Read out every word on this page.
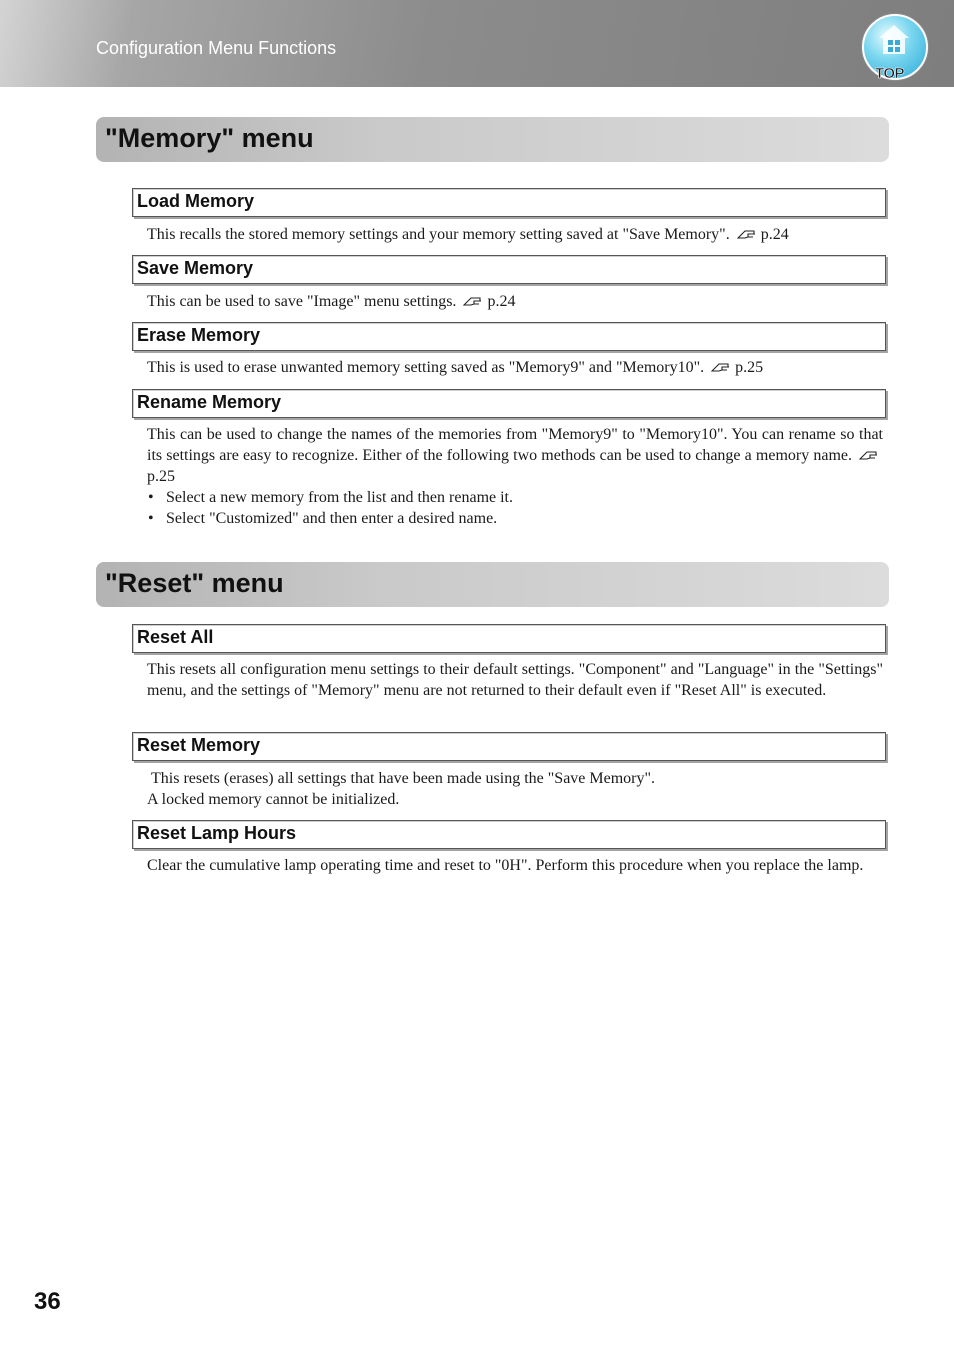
Configuration Menu Functions
TOP
"Memory" menu
Load Memory
This recalls the stored memory settings and your memory setting saved at "Save Memory". p.24
Save Memory
This can be used to save "Image" menu settings. p.24
Erase Memory
This is used to erase unwanted memory setting saved as "Memory9" and "Memory10". p.25
Rename Memory
This can be used to change the names of the memories from "Memory9" to "Memory10". You can rename so that its settings are easy to recognize. Either of the following two methods can be used to change a memory name.p.25
• Select a new memory from the list and then rename it.
• Select "Customized" and then enter a desired name.
"Reset" menu
Reset All
This resets all configuration menu settings to their default settings. "Component" and "Language" in the "Settings" menu, and the settings of "Memory" menu are not returned to their default even if "Reset All" is executed.
Reset Memory
This resets (erases) all settings that have been made using the "Save Memory".
A locked memory cannot be initialized.
Reset Lamp Hours
Clear the cumulative lamp operating time and reset to "0H". Perform this procedure when you replace the lamp.
36
